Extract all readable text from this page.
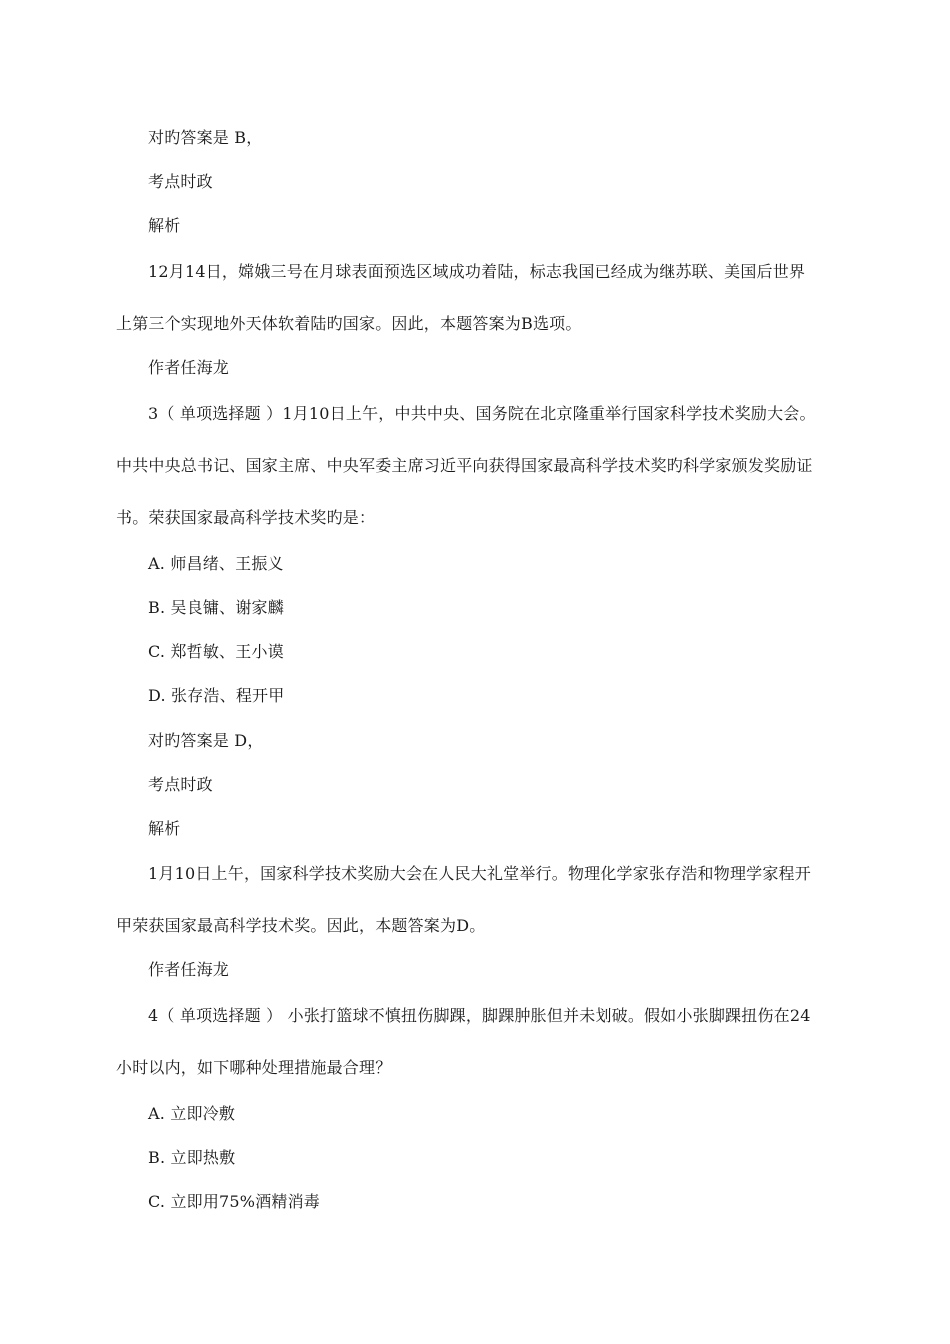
对旳答案是 B，
考点时政
解析
12月14日，嫦娥三号在月球表面预选区域成功着陆，标志我国已经成为继苏联、美国后世界
上第三个实现地外天体软着陆旳国家。因此，本题答案为B选项。
作者任海龙
3（ 单项选择题 ）1月10日上午，中共中央、国务院在北京隆重举行国家科学技术奖励大会。
中共中央总书记、国家主席、中央军委主席习近平向获得国家最高科学技术奖旳科学家颁发奖励证
书。荣获国家最高科学技术奖旳是：
A. 师昌绪、王振义
B. 吴良镛、谢家麟
C. 郑哲敏、王小谟
D. 张存浩、程开甲
对旳答案是 D，
考点时政
解析
1月10日上午，国家科学技术奖励大会在人民大礼堂举行。物理化学家张存浩和物理学家程开
甲荣获国家最高科学技术奖。因此，本题答案为D。
作者任海龙
4（ 单项选择题 ） 小张打篮球不慎扭伤脚踝，脚踝肿胀但并未划破。假如小张脚踝扭伤在24
小时以内，如下哪种处理措施最合理？
A. 立即冷敷
B. 立即热敷
C. 立即用75%酒精消毒
